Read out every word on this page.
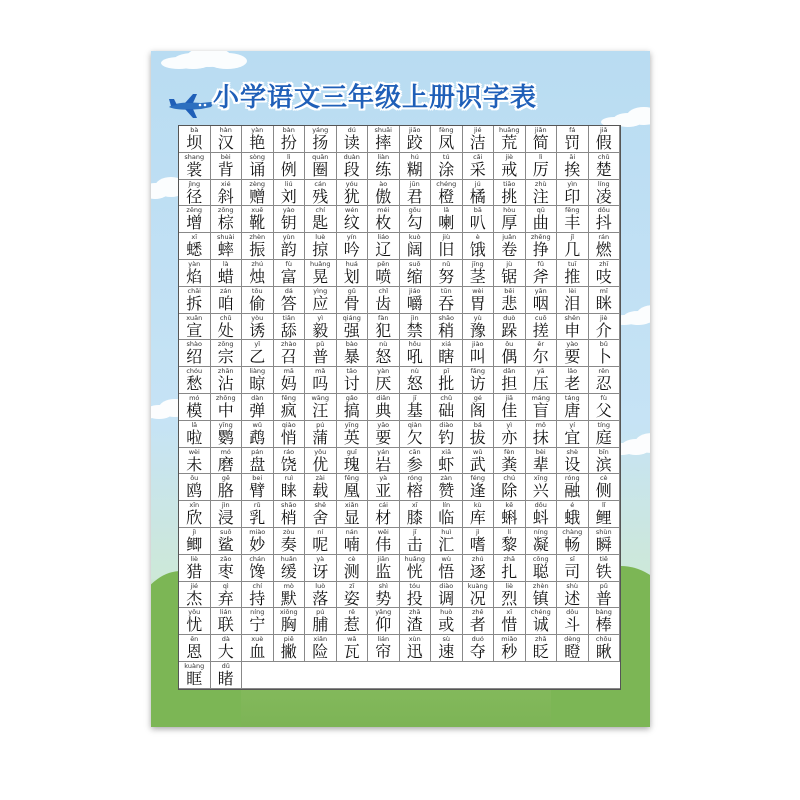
小学语文三年级上册识字表
bà
坝
hàn
汉
yàn
艳
bàn
扮
yáng
扬
dú
读
shuāi
摔
jiāo
跤
fèng
凤
jié
洁
huāng
荒
jiǎn
简
fá
罚
jiǎ
假
shang
裳
bèi
背
sòng
诵
lì
例
quān
圈
duàn
段
liàn
练
hú
糊
tú
涂
cǎi
采
jiè
戒
lì
厉
āi
挨
chǔ
楚
jìng
径
xié
斜
zèng
赠
liú
刘
cán
残
yóu
犹
ào
傲
jūn
君
chéng
橙
jú
橘
tiāo
挑
zhù
注
yìn
印
líng
凌
zēng
增
zōng
棕
xuē
靴
yào
钥
chí
匙
wén
纹
méi
枚
gōu
勾
lǎ
喇
bā
叭
hòu
厚
qū
曲
fēng
丰
dǒu
抖
xī
蟋
shuài
蟀
zhèn
振
yùn
韵
luè
掠
yín
吟
liáo
辽
kuò
阔
jiù
旧
è
饿
juǎn
卷
zhēng
挣
jǐ
几
rán
燃
yàn
焰
là
蜡
zhú
烛
fù
富
huǎng
晃
huá
划
pēn
喷
suō
缩
nǔ
努
jīng
茎
jù
锯
fǔ
斧
tuī
推
zhī
吱
chāi
拆
zán
咱
tōu
偷
dá
答
yìng
应
gǔ
骨
chǐ
齿
jiáo
嚼
tūn
吞
wèi
胃
bēi
悲
yān
咽
lèi
泪
mī
眯
xuān
宣
chǔ
处
yòu
诱
tiǎn
舔
yì
毅
qiáng
强
fàn
犯
jìn
禁
shāo
稍
yù
豫
duò
跺
cuō
搓
shēn
申
jiè
介
shào
绍
zōng
宗
yǐ
乙
zhào
召
pǔ
普
bào
暴
nù
怒
hǒu
吼
xiá
瞎
jiào
叫
ǒu
偶
ěr
尔
yào
要
bǔ
卜
chóu
愁
zhān
沾
liàng
晾
mā
妈
mǎ
吗
tǎo
讨
yàn
厌
nù
怒
pī
批
fǎng
访
dān
担
yā
压
lǎo
老
rěn
忍
mó
模
zhōng
中
dàn
弹
fēng
疯
wāng
汪
gǎo
搞
diǎn
典
jī
基
chǔ
础
gé
阁
jiā
佳
máng
盲
táng
唐
fù
父
lā
啦
yīng
鹦
wǔ
鹉
qiào
悄
pú
蒲
yīng
英
yāo
要
qiàn
欠
diào
钓
bá
拔
yì
亦
mǒ
抹
yí
宜
tíng
庭
wèi
未
mó
磨
pán
盘
ráo
饶
yōu
优
guī
瑰
yán
岩
cān
参
xiā
虾
wǔ
武
fèn
粪
bèi
辈
shè
设
bīn
滨
ōu
鸥
gē
胳
bei
臂
ruì
睐
zài
载
fēng
凰
yà
亚
róng
榕
zàn
赞
féng
逢
chú
除
xīng
兴
róng
融
cè
侧
xīn
欣
jìn
浸
rǔ
乳
shāo
梢
shě
舍
xiǎn
显
cái
材
xī
膝
lín
临
kù
库
kē
蝌
dǒu
蚪
é
蛾
lǐ
鲤
jì
鲫
suō
鲨
miào
妙
zòu
奏
ní
呢
nán
喃
wěi
伟
jī
击
huì
汇
jì
嗜
lí
黎
níng
凝
chàng
畅
shùn
瞬
liè
猎
zǎo
枣
chán
馋
huǎn
缓
yà
讶
cè
测
jiān
监
huǎng
恍
wù
悟
zhú
逐
zhā
扎
cōng
聪
sī
司
tiě
铁
jié
杰
qì
弃
chí
持
mò
默
luò
落
zī
姿
shì
势
tóu
投
diào
调
kuàng
况
liè
烈
zhèn
镇
shù
述
pǔ
普
yōu
忧
lián
联
níng
宁
xiōng
胸
pú
脯
rě
惹
yǎng
仰
zhā
渣
huò
或
zhě
者
xī
惜
chéng
诚
dǒu
斗
bàng
棒
ēn
恩
dà
大
xuè
血
piē
撇
xiǎn
险
wǎ
瓦
lián
帘
xùn
迅
sù
速
duó
夺
miǎo
秒
zhǎ
眨
dèng
瞪
chǒu
瞅
kuàng
眶
dǔ
睹
